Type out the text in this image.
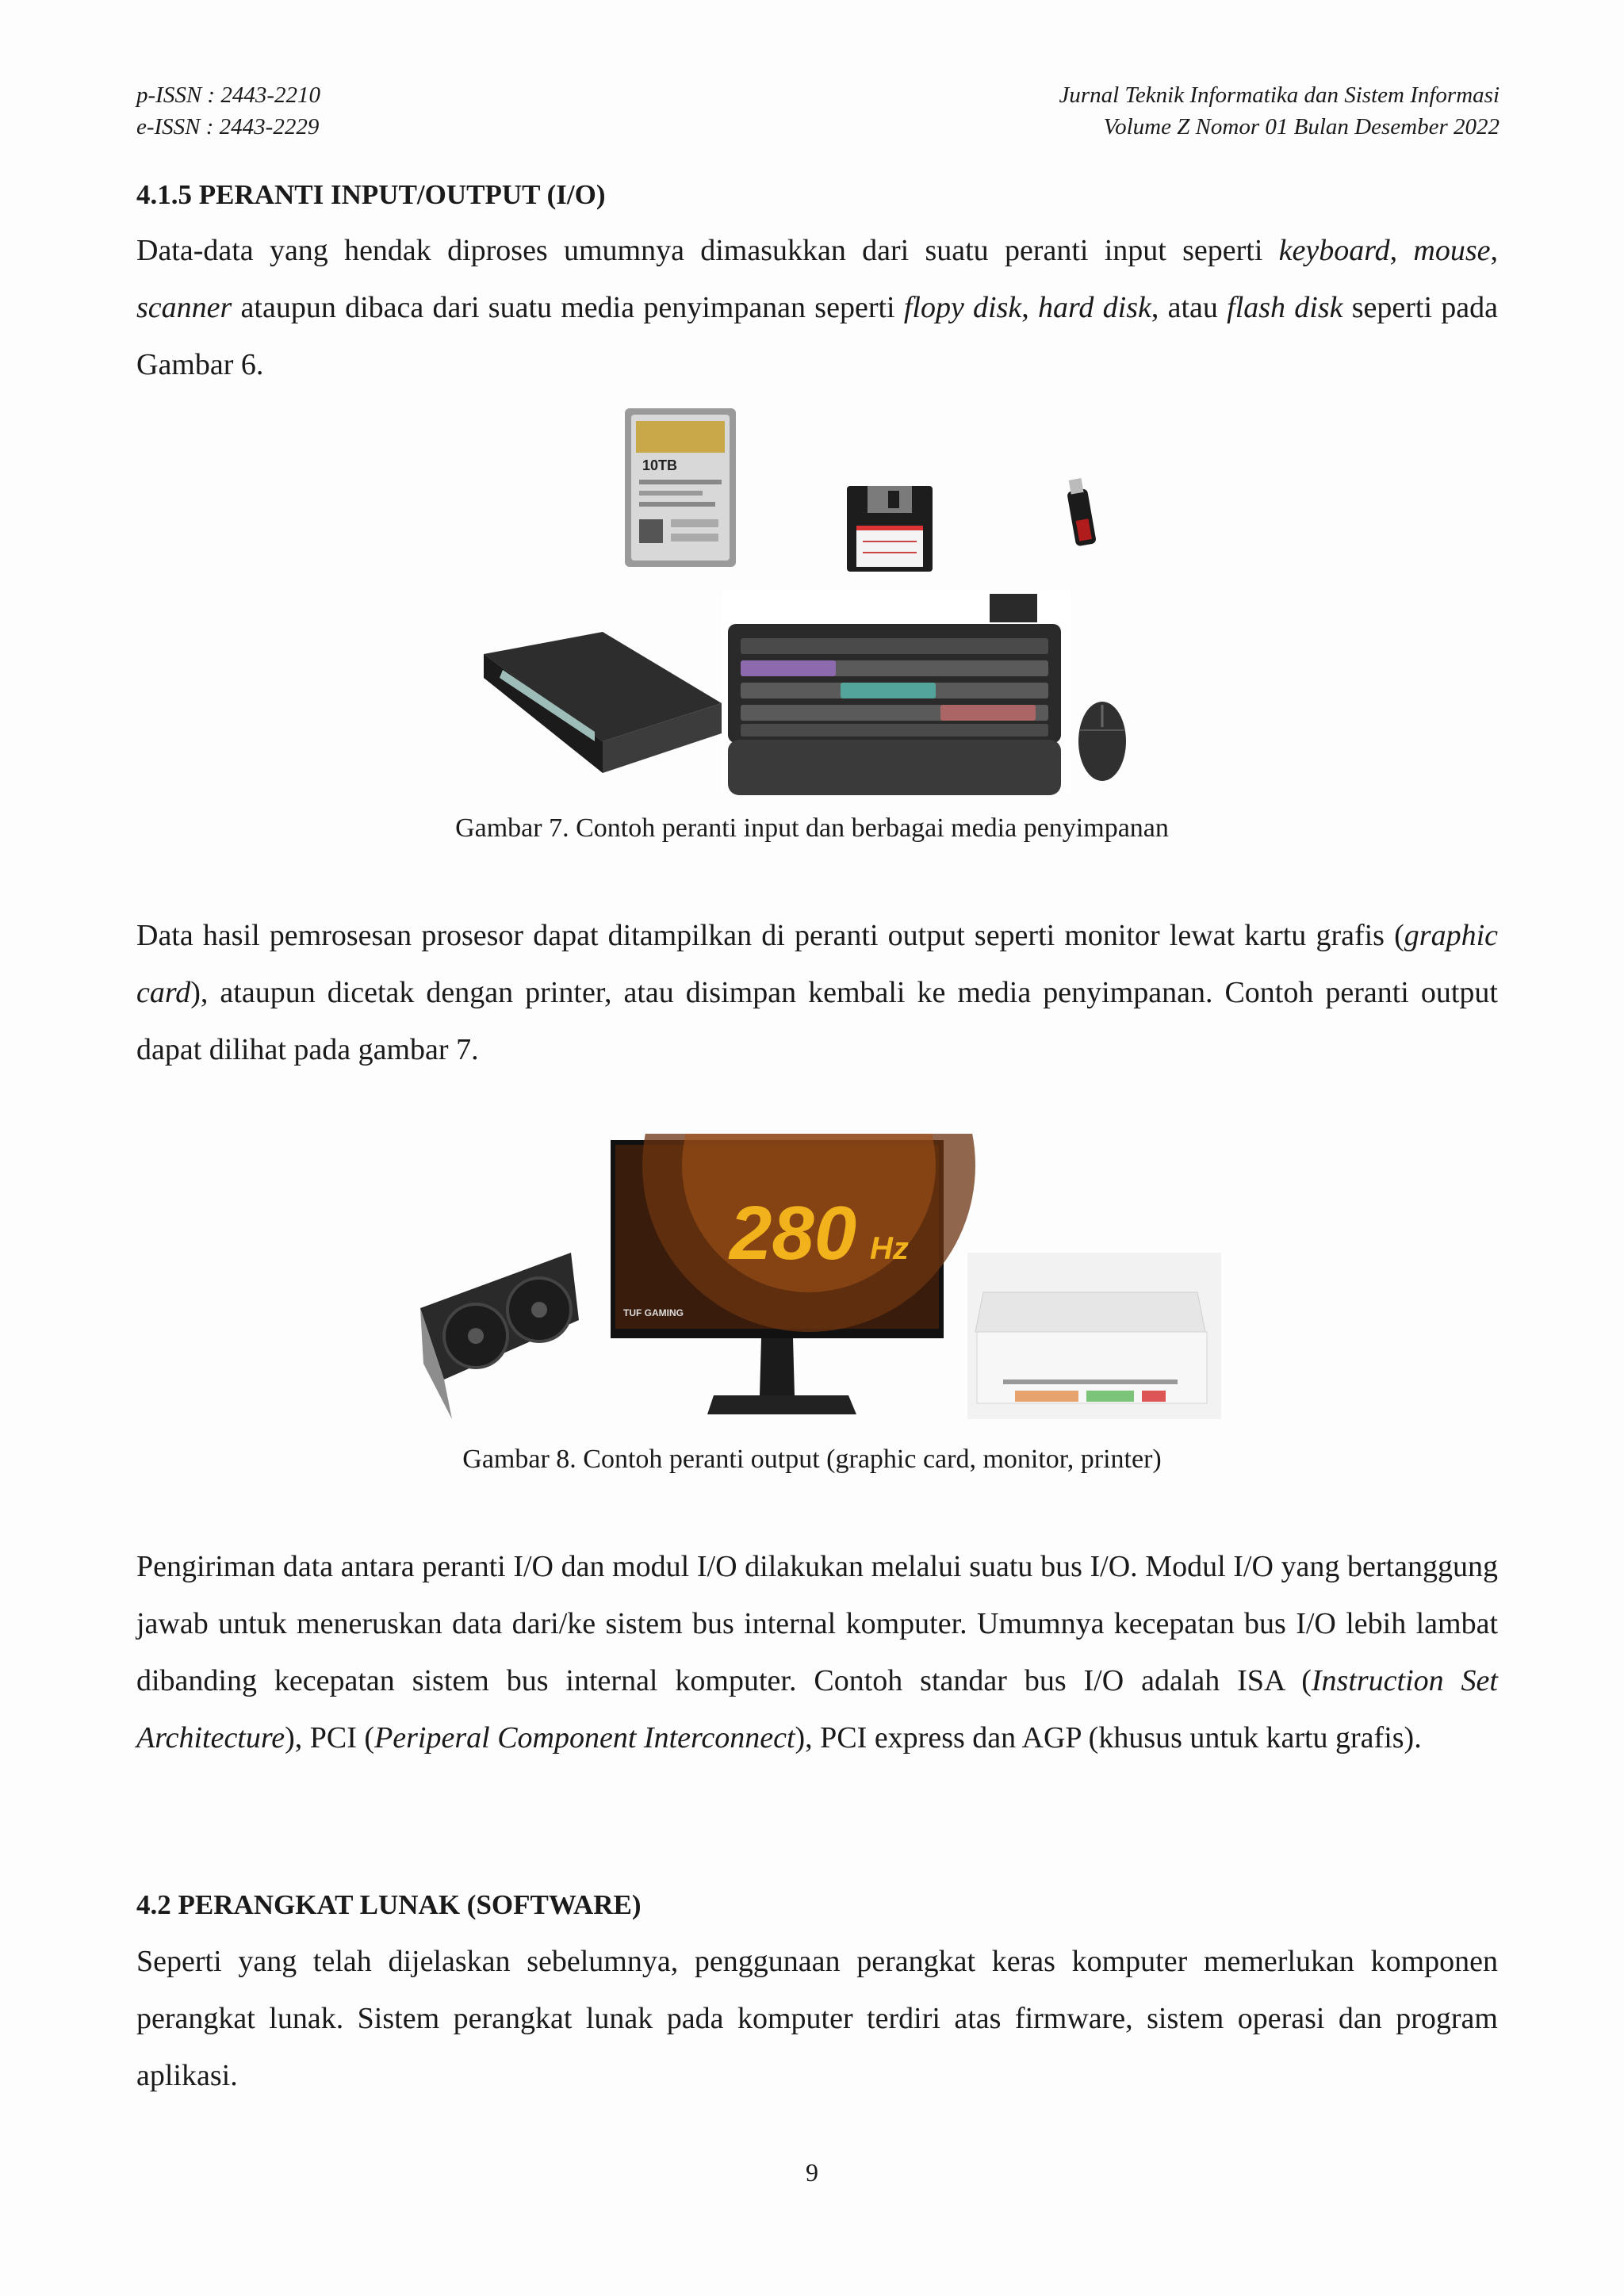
p-ISSN : 2443-2210
e-ISSN : 2443-2229
Jurnal Teknik Informatika dan Sistem Informasi
Volume Z Nomor 01 Bulan Desember 2022
4.1.5 PERANTI INPUT/OUTPUT (I/O)
Data-data yang hendak diproses umumnya dimasukkan dari suatu peranti input seperti keyboard, mouse, scanner ataupun dibaca dari suatu media penyimpanan seperti flopy disk, hard disk, atau flash disk seperti pada Gambar 6.
10TB
Gambar 7. Contoh peranti input dan berbagai media penyimpanan
Data hasil pemrosesan prosesor dapat ditampilkan di peranti output seperti monitor lewat kartu grafis (graphic card), ataupun dicetak dengan printer, atau disimpan kembali ke media penyimpanan. Contoh peranti output dapat dilihat pada gambar 7.
280 Hz
TUF GAMING
Gambar 8. Contoh peranti output (graphic card, monitor, printer)
Pengiriman data antara peranti I/O dan modul I/O dilakukan melalui suatu bus I/O. Modul I/O yang bertanggung jawab untuk meneruskan data dari/ke sistem bus internal komputer. Umumnya kecepatan bus I/O lebih lambat dibanding kecepatan sistem bus internal komputer. Contoh standar bus I/O adalah ISA (Instruction Set Architecture), PCI (Periperal Component Interconnect), PCI express dan AGP (khusus untuk kartu grafis).
4.2 PERANGKAT LUNAK (SOFTWARE)
Seperti yang telah dijelaskan sebelumnya, penggunaan perangkat keras komputer memerlukan komponen perangkat lunak. Sistem perangkat lunak pada komputer terdiri atas firmware, sistem operasi dan program aplikasi.
9
